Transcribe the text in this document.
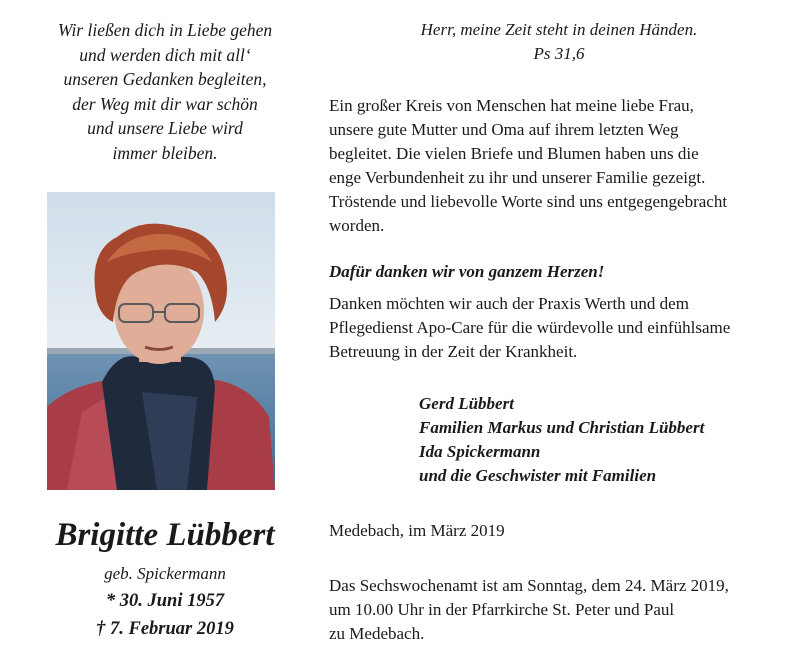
Wir ließen dich in Liebe gehen
und werden dich mit all‘
unseren Gedanken begleiten,
der Weg mit dir war schön
und unsere Liebe wird
immer bleiben.
Brigitte Lübbert
geb. Spickermann
* 30. Juni 1957
† 7. Februar 2019
Herr, meine Zeit steht in deinen Händen.
Ps 31,6
Ein großer Kreis von Menschen hat meine liebe Frau,
unsere gute Mutter und Oma auf ihrem letzten Weg
begleitet. Die vielen Briefe und Blumen haben uns die
enge Verbundenheit zu ihr und unserer Familie gezeigt.
Tröstende und liebevolle Worte sind uns entgegengebracht
worden.
Dafür danken wir von ganzem Herzen!
Danken möchten wir auch der Praxis Werth und dem
Pflegedienst Apo-Care für die würdevolle und einfühlsame
Betreuung in der Zeit der Krankheit.
Gerd Lübbert
Familien Markus und Christian Lübbert
Ida Spickermann
und die Geschwister mit Familien
Medebach, im März 2019
Das Sechswochenamt ist am Sonntag, dem 24. März 2019,
um 10.00 Uhr in der Pfarrkirche St. Peter und Paul
zu Medebach.
